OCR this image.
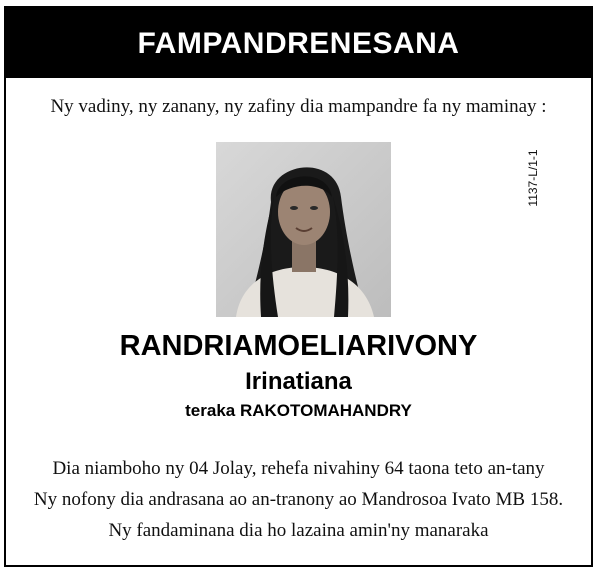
FAMPANDRENESANA
Ny vadiny, ny zanany, ny zafiny dia mampandre fa ny maminay :
1137-L/1-1
RANDRIAMOELIARIVONY
Irinatiana
teraka RAKOTOMAHANDRY
Dia niamboho ny 04 Jolay, rehefa nivahiny 64 taona teto an-tany
Ny nofony dia andrasana ao an-tranony ao Mandrosoa Ivato MB 158.
Ny fandaminana dia ho lazaina amin'ny manaraka
